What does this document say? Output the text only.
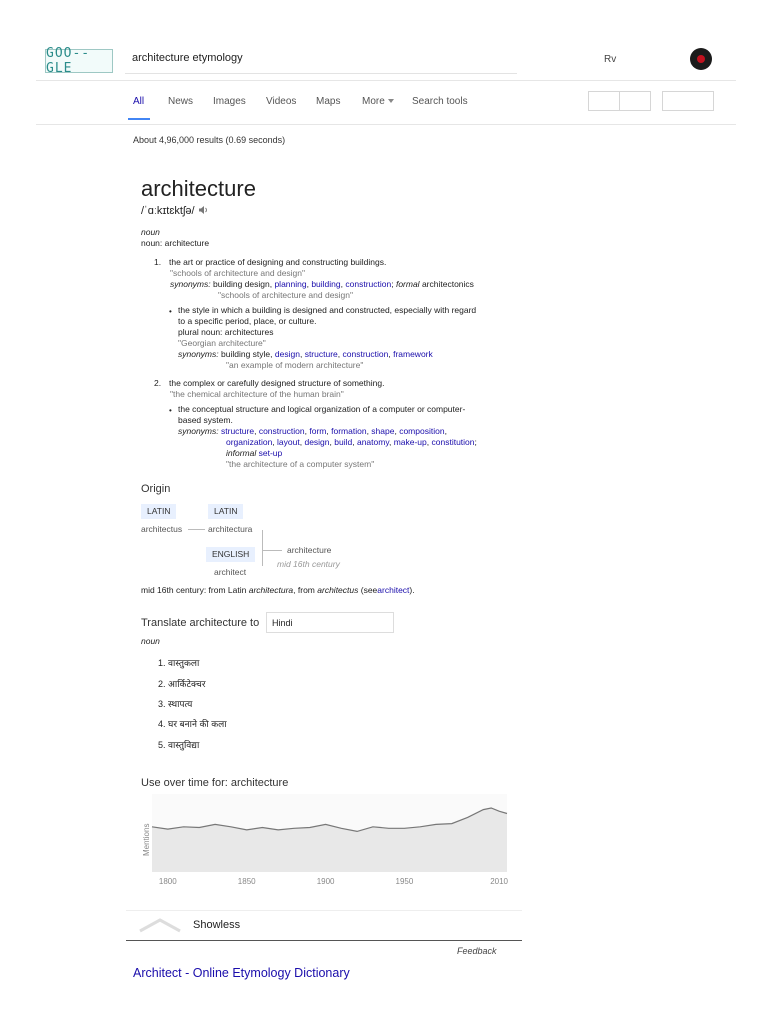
GOO--GLE
architecture etymology	Rv
All News Images Videos Maps More	Search tools
About 4,96,000 results (0.69 seconds)
architecture
/ˈɑːkɪtɛktʃə/
noun
noun: architecture
1. the art or practice of designing and constructing buildings.
"schools of architecture and design"
synonyms: building design, planning, building, construction; formal architectonics
"schools of architecture and design"
• the style in which a building is designed and constructed, especially with regard
to a specific period, place, or culture.
plural noun: architectures
"Georgian architecture"
synonyms: building style, design, structure, construction, framework
"an example of modern architecture"
2. the complex or carefully designed structure of something.
"the chemical architecture of the human brain"
• the conceptual structure and logical organization of a computer or computer-
based system.
synonyms: structure, construction, form, formation, shape, composition,
organization, layout, design, build, anatomy, make-up, constitution;
informal set-up
"the architecture of a computer system"
Origin
LATIN
architectus
LATIN
architectura
ENGLISH
architect
architecture
mid 16th century
mid 16th century: from Latin architectura, from architectus (seearchitect).
Translate architecture to	Hindi
noun
1. वास्तुकला
2. आर्किटेक्चर
3. स्थापत्य
4. घर बनाने की कला
5. वास्तुविद्या
Use over time for: architecture
Mentions
1800	1850	1900	1950	2010
Showless
Feedback
Architect - Online Etymology Dictionary
